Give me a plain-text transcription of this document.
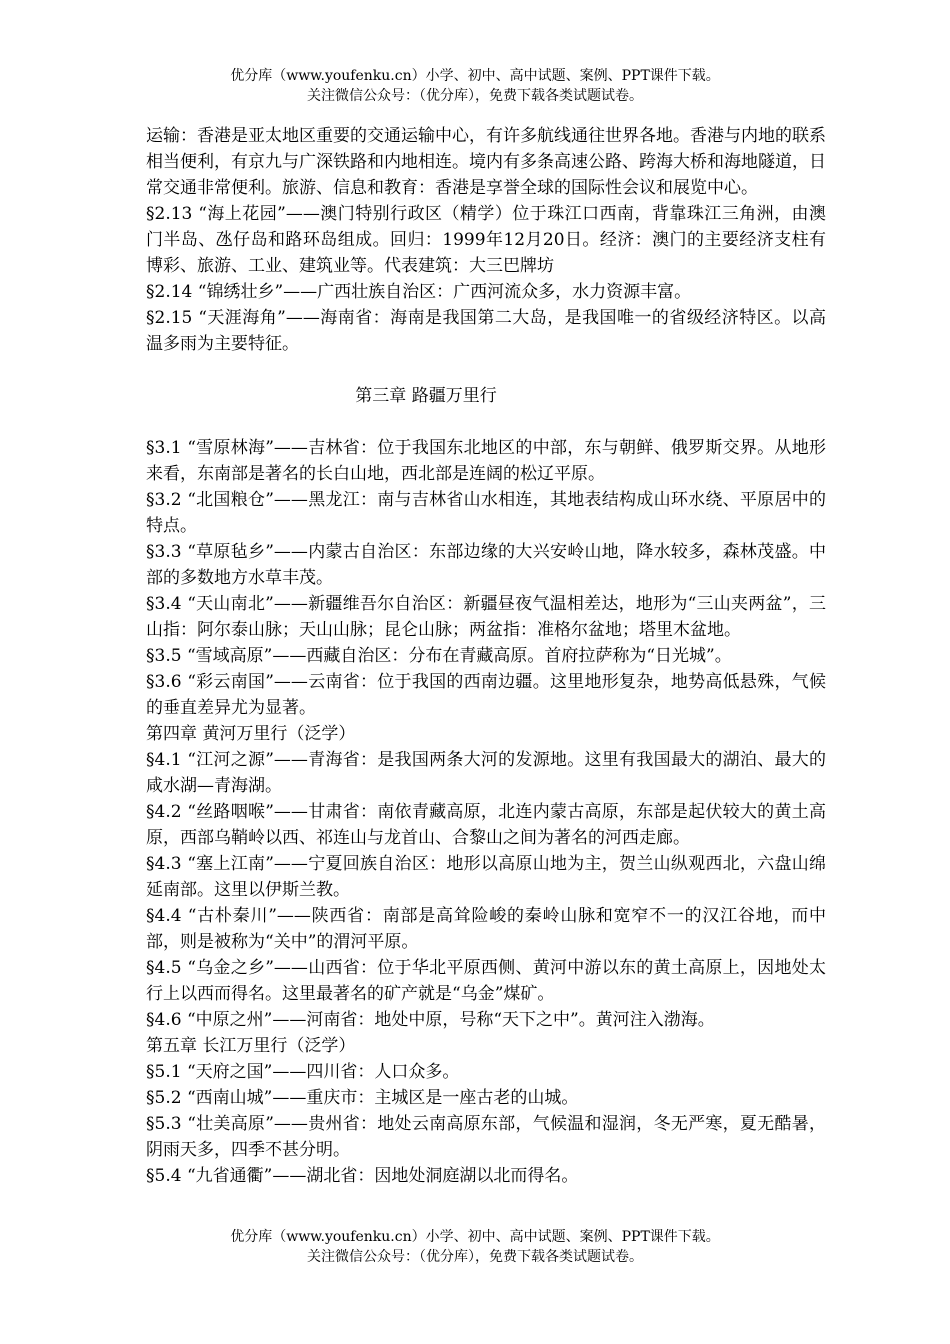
优分库（www.youfenku.cn）小学、初中、高中试题、案例、PPT课件下载。
关注微信公众号：（优分库），免费下载各类试题试卷。

运输：香港是亚太地区重要的交通运输中心，有许多航线通往世界各地。香港与内地的联系相当便利，有京九与广深铁路和内地相连。境内有多条高速公路、跨海大桥和海地隧道，日常交通非常便利。旅游、信息和教育：香港是享誉全球的国际性会议和展览中心。

§2.13 “海上花园”——澳门特别行政区（精学）位于珠江口西南，背靠珠江三角洲，由澳门半岛、氹仔岛和路环岛组成。回归：1999年12月20日。经济：澳门的主要经济支柱有博彩、旅游、工业、建筑业等。代表建筑：大三巴牌坊

§2.14 “锦绣壮乡”——广西壮族自治区：广西河流众多，水力资源丰富。

§2.15 “天涯海角”——海南省：海南是我国第二大岛，是我国唯一的省级经济特区。以高温多雨为主要特征。

第三章 路疆万里行

§3.1 “雪原林海”——吉林省：位于我国东北地区的中部，东与朝鲜、俄罗斯交界。从地形来看，东南部是著名的长白山地，西北部是连阔的松辽平原。

§3.2 “北国粮仓”——黑龙江：南与吉林省山水相连，其地表结构成山环水绕、平原居中的特点。

§3.3 “草原毡乡”——内蒙古自治区：东部边缘的大兴安岭山地，降水较多，森林茂盛。中部的多数地方水草丰茂。

§3.4 “天山南北”——新疆维吾尔自治区：新疆昼夜气温相差达，地形为“三山夹两盆”，三山指：阿尔泰山脉；天山山脉；昆仑山脉；两盆指：准格尔盆地；塔里木盆地。

§3.5 “雪域高原”——西藏自治区：分布在青藏高原。首府拉萨称为“日光城”。

§3.6 “彩云南国”——云南省：位于我国的西南边疆。这里地形复杂，地势高低悬殊，气候的垂直差异尤为显著。

第四章 黄河万里行（泛学）

§4.1 “江河之源”——青海省：是我国两条大河的发源地。这里有我国最大的湖泊、最大的咸水湖—青海湖。

§4.2 “丝路咽喉”——甘肃省：南依青藏高原，北连内蒙古高原，东部是起伏较大的黄土高原，西部乌鞘岭以西、祁连山与龙首山、合黎山之间为著名的河西走廊。

§4.3 “塞上江南”——宁夏回族自治区：地形以高原山地为主，贺兰山纵观西北，六盘山绵延南部。这里以伊斯兰教。

§4.4 “古朴秦川”——陕西省：南部是高耸险峻的秦岭山脉和宽窄不一的汉江谷地，而中部，则是被称为“关中”的渭河平原。

§4.5 “乌金之乡”——山西省：位于华北平原西侧、黄河中游以东的黄土高原上，因地处太行上以西而得名。这里最著名的矿产就是“乌金”煤矿。

§4.6 “中原之州”——河南省：地处中原，号称“天下之中”。黄河注入渤海。

第五章 长江万里行（泛学）

§5.1 “天府之国”——四川省：人口众多。

§5.2 “西南山城”——重庆市：主城区是一座古老的山城。

§5.3 “壮美高原”——贵州省：地处云南高原东部，气候温和湿润，冬无严寒，夏无酷暑，阴雨天多，四季不甚分明。

§5.4 “九省通衢”——湖北省：因地处洞庭湖以北而得名。

优分库（www.youfenku.cn）小学、初中、高中试题、案例、PPT课件下载。
关注微信公众号：（优分库），免费下载各类试题试卷。
